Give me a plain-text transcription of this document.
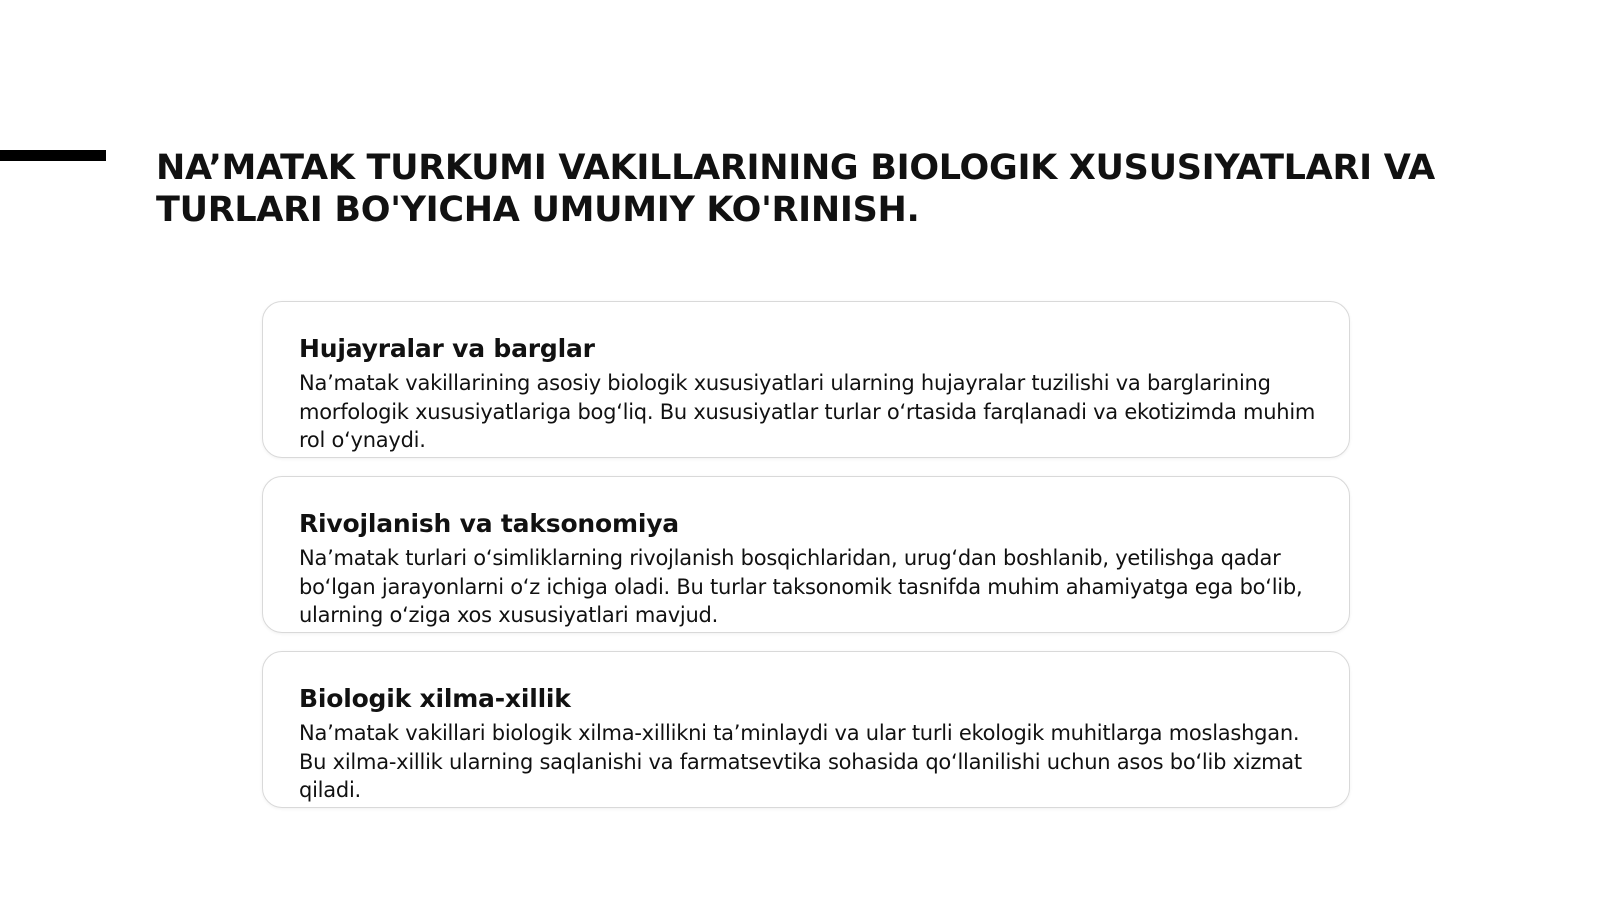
NA’MATAK TURKUMI VAKILLARINING BIOLOGIK XUSUSIYATLARI VA TURLARI BO'YICHA UMUMIY KO'RINISH.
Hujayralar va barglar

Na’matak vakillarining asosiy biologik xususiyatlari ularning hujayralar tuzilishi va barglarining morfologik xususiyatlariga bog‘liq. Bu xususiyatlar turlar o‘rtasida farqlanadi va ekotizimda muhim rol o‘ynaydi.

Rivojlanish va taksonomiya

Na’matak turlari o‘simliklarning rivojlanish bosqichlaridan, urug‘dan boshlanib, yetilishga qadar bo‘lgan jarayonlarni o‘z ichiga oladi. Bu turlar taksonomik tasnifda muhim ahamiyatga ega bo‘lib, ularning o‘ziga xos xususiyatlari mavjud.

Biologik xilma-xillik

Na’matak vakillari biologik xilma-xillikni ta’minlaydi va ular turli ekologik muhitlarga moslashgan. Bu xilma-xillik ularning saqlanishi va farmatsevtika sohasida qo‘llanilishi uchun asos bo‘lib xizmat qiladi.
